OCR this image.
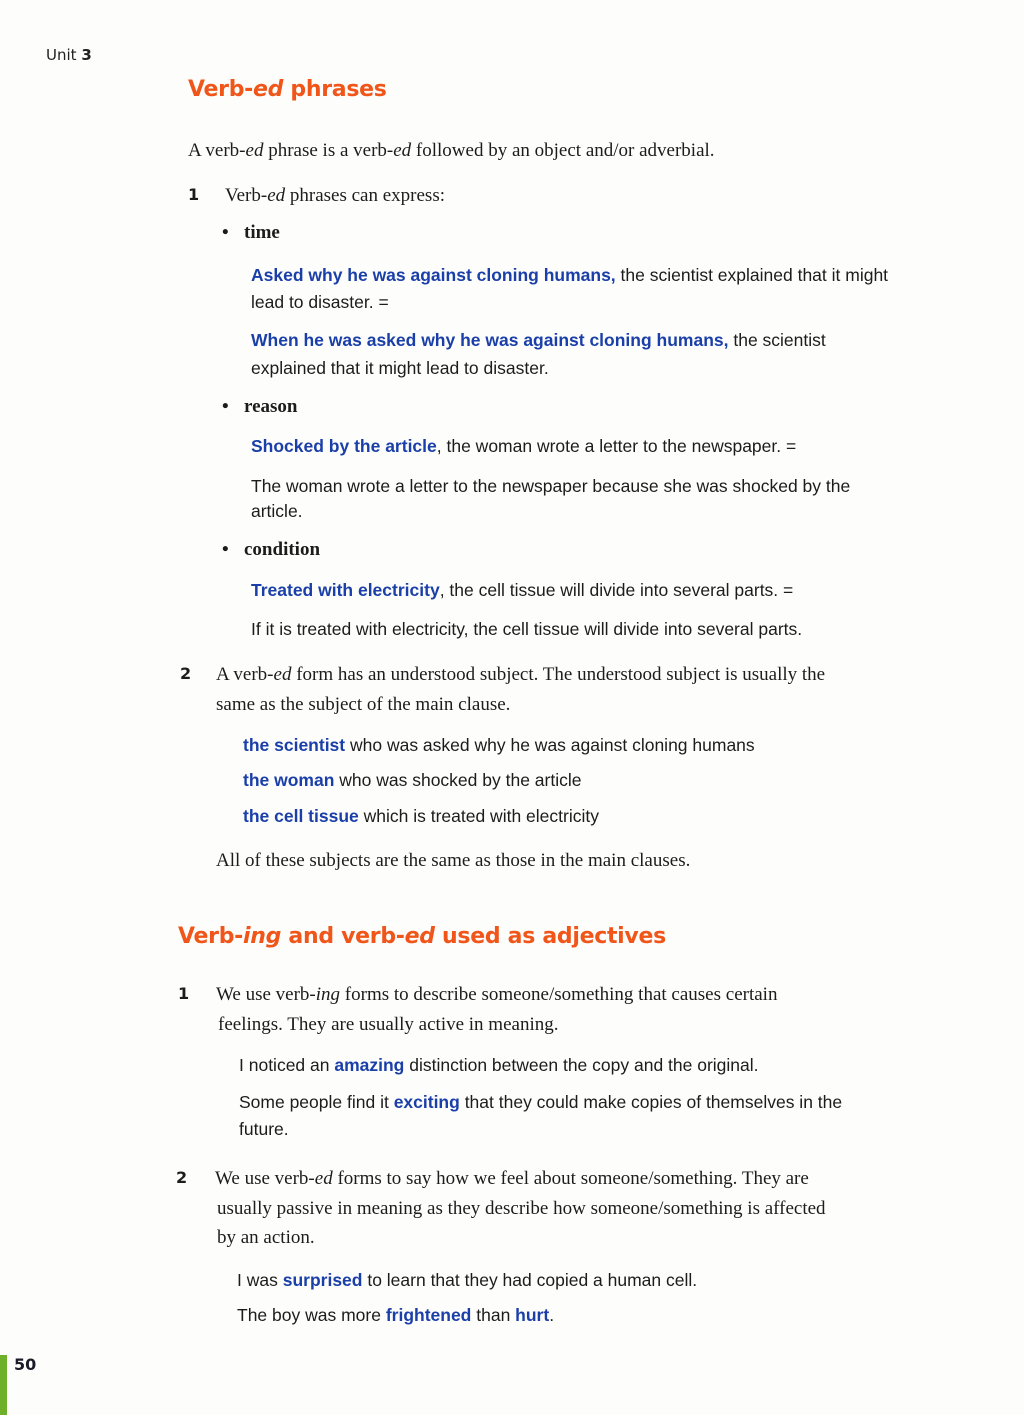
Unit 3
Verb-ed phrases
A verb-ed phrase is a verb-ed followed by an object and/or adverbial.
1 Verb-ed phrases can express:
• time
Asked why he was against cloning humans, the scientist explained that it might
lead to disaster. =
When he was asked why he was against cloning humans, the scientist
explained that it might lead to disaster.
• reason
Shocked by the article, the woman wrote a letter to the newspaper. =
The woman wrote a letter to the newspaper because she was shocked by the
article.
• condition
Treated with electricity, the cell tissue will divide into several parts. =
If it is treated with electricity, the cell tissue will divide into several parts.
2 A verb-ed form has an understood subject. The understood subject is usually the
same as the subject of the main clause.
the scientist who was asked why he was against cloning humans
the woman who was shocked by the article
the cell tissue which is treated with electricity
All of these subjects are the same as those in the main clauses.
Verb-ing and verb-ed used as adjectives
1 We use verb-ing forms to describe someone/something that causes certain
feelings. They are usually active in meaning.
I noticed an amazing distinction between the copy and the original.
Some people find it exciting that they could make copies of themselves in the
future.
2 We use verb-ed forms to say how we feel about someone/something. They are
usually passive in meaning as they describe how someone/something is affected
by an action.
I was surprised to learn that they had copied a human cell.
The boy was more frightened than hurt.
50
